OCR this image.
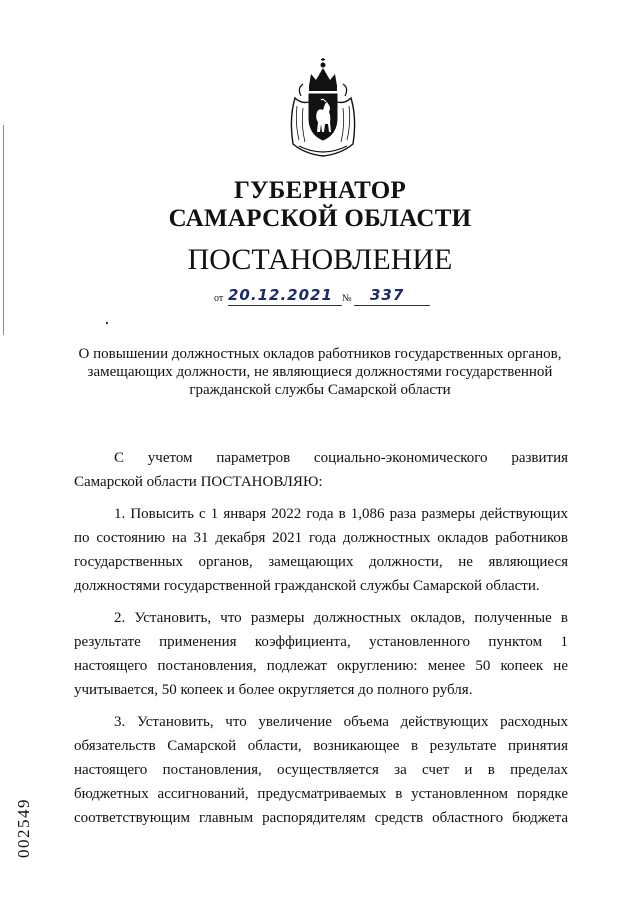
ГУБЕРНАТОР
САМАРСКОЙ ОБЛАСТИ
ПОСТАНОВЛЕНИЕ
от 20.12.2021 № 337
О повышении должностных окладов работников государственных органов,
замещающих должности, не являющиеся должностями государственной
гражданской службы Самарской области
С учетом параметров социально-экономического развития
Самарской области ПОСТАНОВЛЯЮ:
1. Повысить с 1 января 2022 года в 1,086 раза размеры действующих
по состоянию на 31 декабря 2021 года должностных окладов работников
государственных органов, замещающих должности, не являющиеся
должностями государственной гражданской службы Самарской области.
2. Установить, что размеры должностных окладов, полученные в
результате применения коэффициента, установленного пунктом 1
настоящего постановления, подлежат округлению: менее 50 копеек не
учитывается, 50 копеек и более округляется до полного рубля.
3. Установить, что увеличение объема действующих расходных
обязательств Самарской области, возникающее в результате принятия
настоящего постановления, осуществляется за счет и в пределах
бюджетных ассигнований, предусматриваемых в установленном порядке
соответствующим главным распорядителям средств областного бюджета
002549
